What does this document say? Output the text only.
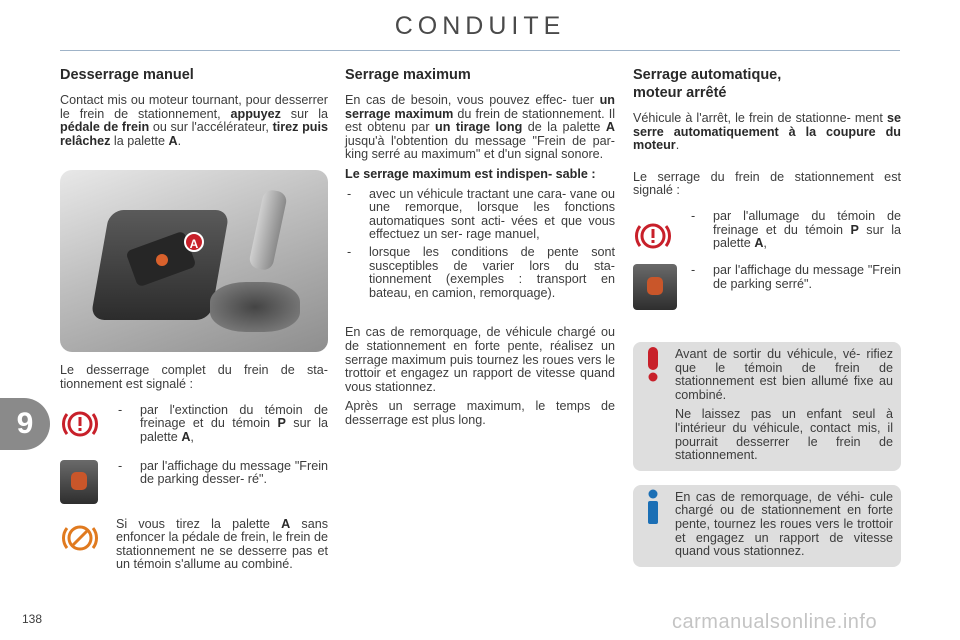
CONDUITE
Desserrage manuel

Contact mis ou moteur tournant, pour desserrer le frein de stationnement, appuyez sur la pédale de frein ou sur l'accélérateur, tirez puis relâchez la palette A.

A

Le desserrage complet du frein de sta- tionnement est signalé :

- par l'extinction du témoin de freinage et du témoin P sur la palette A,
- par l'affichage du message "Frein de parking desser- ré".

Si vous tirez la palette A sans enfoncer la pédale de frein, le frein de stationnement ne se desserre pas et un témoin s'allume au combiné.

Serrage maximum

En cas de besoin, vous pouvez effec- tuer un serrage maximum du frein de stationnement. Il est obtenu par un tirage long de la palette A jusqu'à l'obtention du message "Frein de par- king serré au maximum" et d'un signal sonore.

Le serrage maximum est indispen- sable :

- avec un véhicule tractant une cara- vane ou une remorque, lorsque les fonctions automatiques sont acti- vées et que vous effectuez un ser- rage manuel,
- lorsque les conditions de pente sont susceptibles de varier lors du sta- tionnement (exemples : transport en bateau, en camion, remorquage).

En cas de remorquage, de véhicule chargé ou de stationnement en forte pente, réalisez un serrage maximum puis tournez les roues vers le trottoir et engagez un rapport de vitesse quand vous stationnez.

Après un serrage maximum, le temps de desserrage est plus long.

Serrage automatique,
moteur arrêté

Véhicule à l'arrêt, le frein de stationne- ment se serre automatiquement à la coupure du moteur.

Le serrage du frein de stationnement est signalé :

- par l'allumage du témoin de freinage et du témoin P sur la palette A,
- par l'affichage du message "Frein de parking serré".

Avant de sortir du véhicule, vé- rifiez que le témoin de frein de stationnement est bien allumé fixe au combiné.

Ne laissez pas un enfant seul à l'intérieur du véhicule, contact mis, il pourrait desserrer le frein de stationnement.

En cas de remorquage, de véhi- cule chargé ou de stationnement en forte pente, tournez les roues vers le trottoir et engagez un rapport de vitesse quand vous stationnez.

9
138	carmanualsonline.info
